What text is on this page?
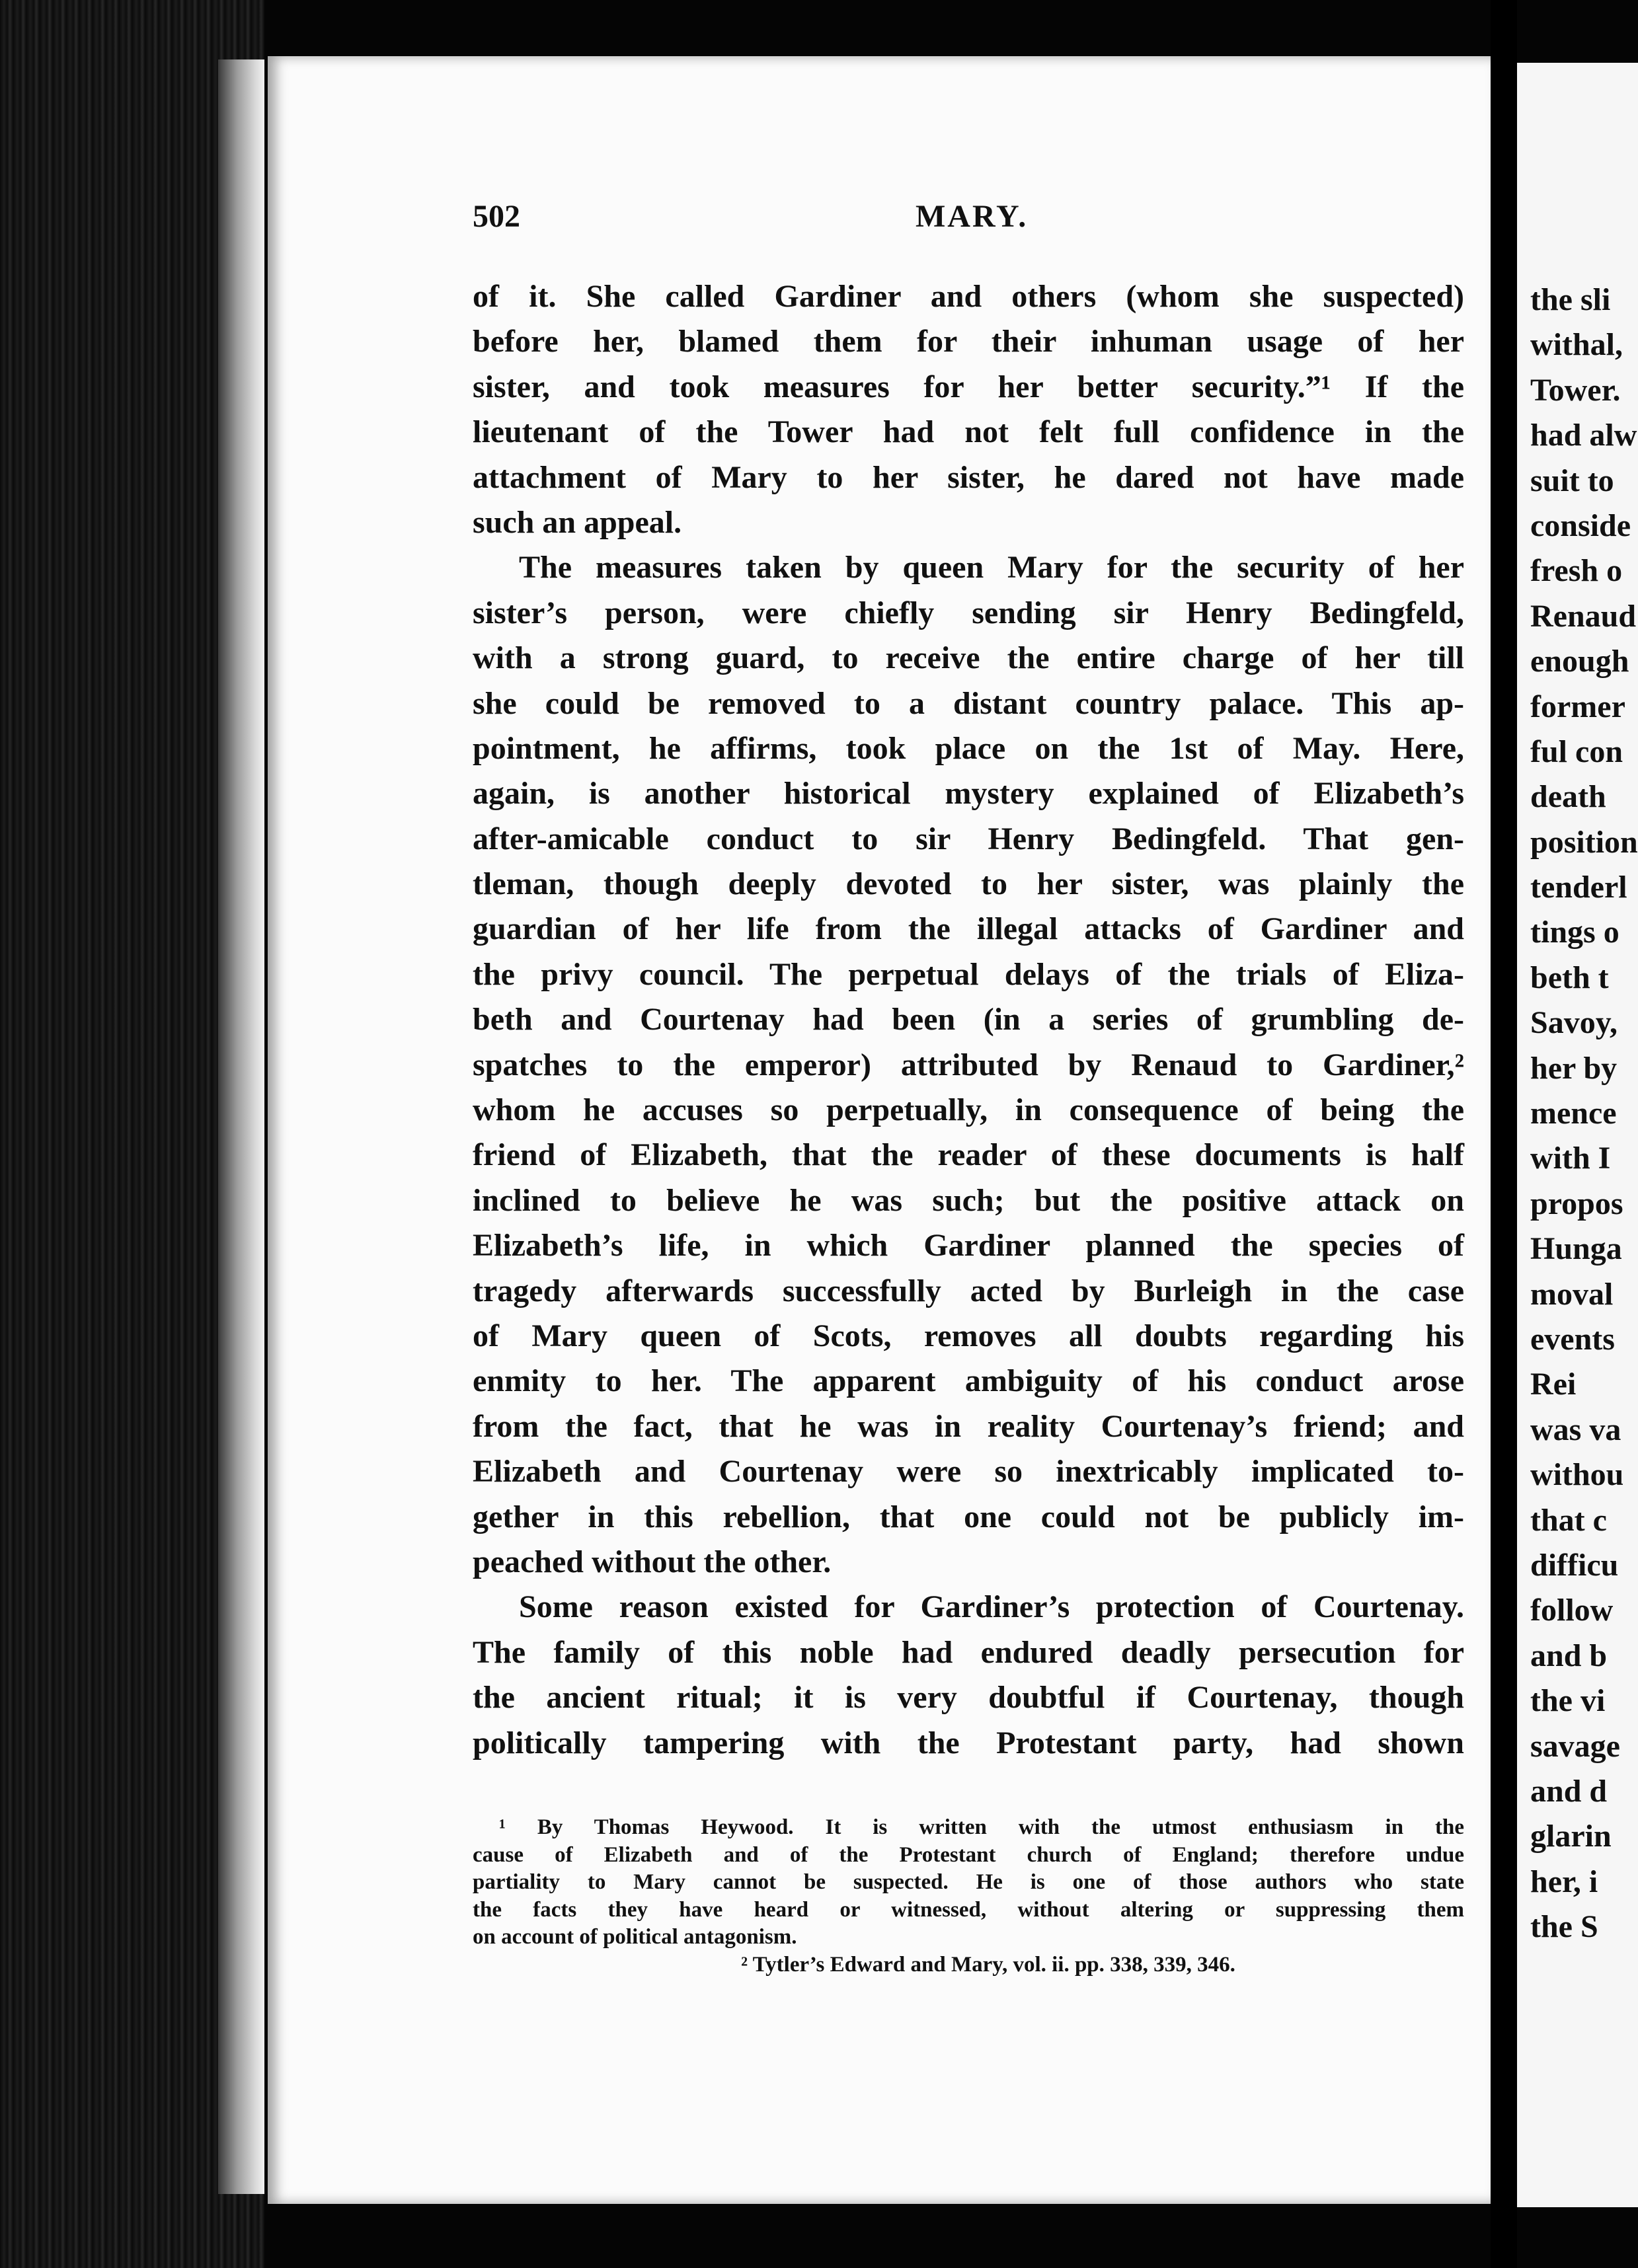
502	MARY.
of it. She called Gardiner and others (whom she suspected)
before her, blamed them for their inhuman usage of her
sister, and took measures for her better security.”¹ If the
lieutenant of the Tower had not felt full confidence in the
attachment of Mary to her sister, he dared not have made
such an appeal.
The measures taken by queen Mary for the security of her
sister’s person, were chiefly sending sir Henry Bedingfeld,
with a strong guard, to receive the entire charge of her till
she could be removed to a distant country palace. This ap-
pointment, he affirms, took place on the 1st of May. Here,
again, is another historical mystery explained of Elizabeth’s
after-amicable conduct to sir Henry Bedingfeld. That gen-
tleman, though deeply devoted to her sister, was plainly the
guardian of her life from the illegal attacks of Gardiner and
the privy council. The perpetual delays of the trials of Eliza-
beth and Courtenay had been (in a series of grumbling de-
spatches to the emperor) attributed by Renaud to Gardiner,²
whom he accuses so perpetually, in consequence of being the
friend of Elizabeth, that the reader of these documents is half
inclined to believe he was such; but the positive attack on
Elizabeth’s life, in which Gardiner planned the species of
tragedy afterwards successfully acted by Burleigh in the case
of Mary queen of Scots, removes all doubts regarding his
enmity to her. The apparent ambiguity of his conduct arose
from the fact, that he was in reality Courtenay’s friend; and
Elizabeth and Courtenay were so inextricably implicated to-
gether in this rebellion, that one could not be publicly im-
peached without the other.
Some reason existed for Gardiner’s protection of Courtenay.
The family of this noble had endured deadly persecution for
the ancient ritual; it is very doubtful if Courtenay, though
politically tampering with the Protestant party, had shown
¹ By Thomas Heywood. It is written with the utmost enthusiasm in the
cause of Elizabeth and of the Protestant church of England; therefore undue
partiality to Mary cannot be suspected. He is one of those authors who state
the facts they have heard or witnessed, without altering or suppressing them
on account of political antagonism.
² Tytler’s Edward and Mary, vol. ii. pp. 338, 339, 346.
the sli
withal,
Tower.
had alw
suit to
conside
fresh o
Renaud
enough
former
ful con
death
position
tenderl
tings o
beth t
Savoy,
her by
mence
with I
propos
Hunga
moval
events
Rei
was va
withou
that c
difficu
follow
and b
the vi
savage
and d
glarin
her, i
the S
